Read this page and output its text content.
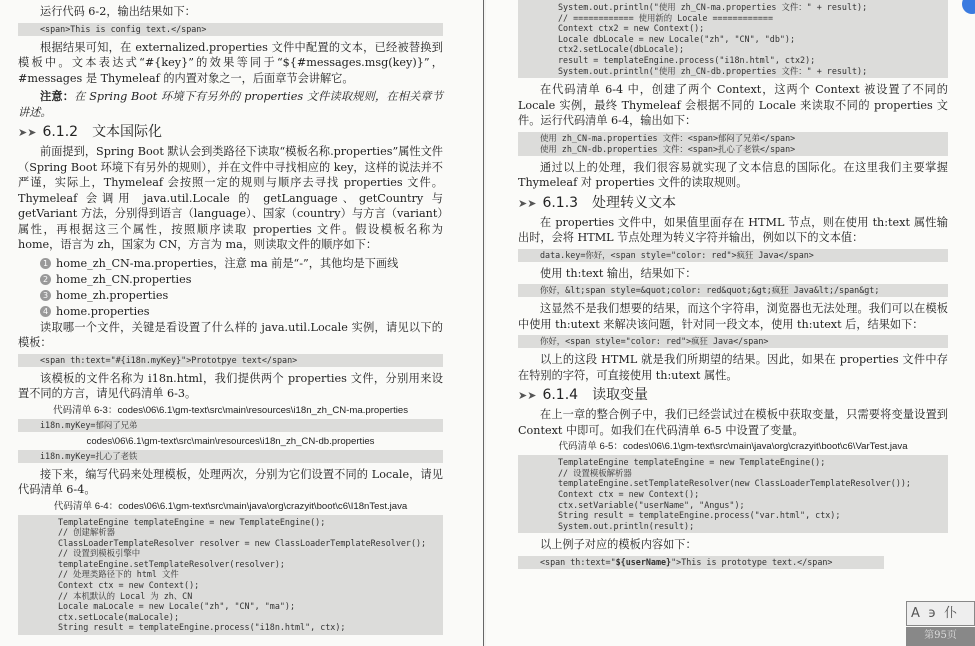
运行代码 6-2，输出结果如下：
<span>This is config text.</span>
根据结果可知，在 externalized.properties 文件中配置的文本，已经被替换到模板中。文本表达式“#{key}”的效果等同于“${#messages.msg(key)}”，#messages 是 Thymeleaf 的内置对象之一，后面章节会讲解它。
注意：在 Spring Boot 环境下有另外的 properties 文件读取规则，在相关章节讲述。
➤➤ 6.1.2 文本国际化
前面提到，Spring Boot 默认会到类路径下读取“模板名称.properties”属性文件（Spring Boot 环境下有另外的规则），并在文件中寻找相应的 key，这样的说法并不严谨，实际上，Thymeleaf 会按照一定的规则与顺序去寻找 properties 文件。Thymeleaf 会调用 java.util.Locale 的 getLanguage、getCountry 与 getVariant 方法，分别得到语言（language）、国家（country）与方言（variant）属性，再根据这三个属性，按照顺序读取 properties 文件。假设模板名称为 home，语言为 zh，国家为 CN，方言为 ma，则读取文件的顺序如下：
1 home_zh_CN-ma.properties，注意 ma 前是“-”，其他均是下画线
2 home_zh_CN.properties
3 home_zh.properties
4 home.properties
读取哪一个文件，关键是看设置了什么样的 java.util.Locale 实例，请见以下的模板：
<span th:text="#{i18n.myKey}">Prototpye text</span>
该模板的文件名称为 i18n.html，我们提供两个 properties 文件，分别用来设置不同的方言，请见代码清单 6-3。
代码清单 6-3：codes\06\6.1\gm-text\src\main\resources\i18n_zh_CN-ma.properties
i18n.myKey=郁闷了兄弟
codes\06\6.1\gm-text\src\main\resources\i18n_zh_CN-db.properties
i18n.myKey=扎心了老铁
接下来，编写代码来处理模板，处理两次，分别为它们设置不同的 Locale，请见代码清单 6-4。
代码清单 6-4：codes\06\6.1\gm-text\src\main\java\org\crazyit\boot\c6\I18nTest.java
TemplateEngine templateEngine = new TemplateEngine();
// 创建解析器
ClassLoaderTemplateResolver resolver = new ClassLoaderTemplateResolver();
// 设置到模板引擎中
templateEngine.setTemplateResolver(resolver);
// 处理类路径下的 html 文件
Context ctx = new Context();
// 本机默认的 Local 为 zh、CN
Locale maLocale = new Locale("zh", "CN", "ma");
ctx.setLocale(maLocale);
String result = templateEngine.process("i18n.html", ctx);
System.out.println("使用 zh_CN-ma.properties 文件：" + result);
// ============ 使用新的 Locale ============
Context ctx2 = new Context();
Locale dbLocale = new Locale("zh", "CN", "db");
ctx2.setLocale(dbLocale);
result = templateEngine.process("i18n.html", ctx2);
System.out.println("使用 zh_CN-db.properties 文件：" + result);
在代码清单 6-4 中，创建了两个 Context，这两个 Context 被设置了不同的 Locale 实例，最终 Thymeleaf 会根据不同的 Locale 来读取不同的 properties 文件。运行代码清单 6-4，输出如下：
使用 zh_CN-ma.properties 文件：<span>郁闷了兄弟</span>
使用 zh_CN-db.properties 文件：<span>扎心了老铁</span>
通过以上的处理，我们很容易就实现了文本信息的国际化。在这里我们主要掌握 Thymeleaf 对 properties 文件的读取规则。
➤➤ 6.1.3 处理转义文本
在 properties 文件中，如果值里面存在 HTML 节点，则在使用 th:text 属性输出时，会将 HTML 节点处理为转义字符并输出，例如以下的文本值：
data.key=你好，<span style="color: red">疯狂 Java</span>
使用 th:text 输出，结果如下：
你好，&lt;span style=&quot;color: red&quot;&gt;疯狂 Java&lt;/span&gt;
这显然不是我们想要的结果，而这个字符串，浏览器也无法处理。我们可以在模板中使用 th:utext 来解决该问题，针对同一段文本，使用 th:utext 后，结果如下：
你好，<span style="color: red">疯狂 Java</span>
以上的这段 HTML 就是我们所期望的结果。因此，如果在 properties 文件中存在特别的字符，可直接使用 th:utext 属性。
➤➤ 6.1.4 读取变量
在上一章的整合例子中，我们已经尝试过在模板中获取变量，只需要将变量设置到 Context 中即可。如我们在代码清单 6-5 中设置了变量。
代码清单 6-5：codes\06\6.1\gm-text\src\main\java\org\crazyit\boot\c6\VarTest.java
TemplateEngine templateEngine = new TemplateEngine();
// 设置模板解析器
templateEngine.setTemplateResolver(new ClassLoaderTemplateResolver());
Context ctx = new Context();
ctx.setVariable("userName", "Angus");
String result = templateEngine.process("var.html", ctx);
System.out.println(result);
以上例子对应的模板内容如下：
<span th:text="${userName}">This is prototype text.</span>
A ϶ 仆
第95页
